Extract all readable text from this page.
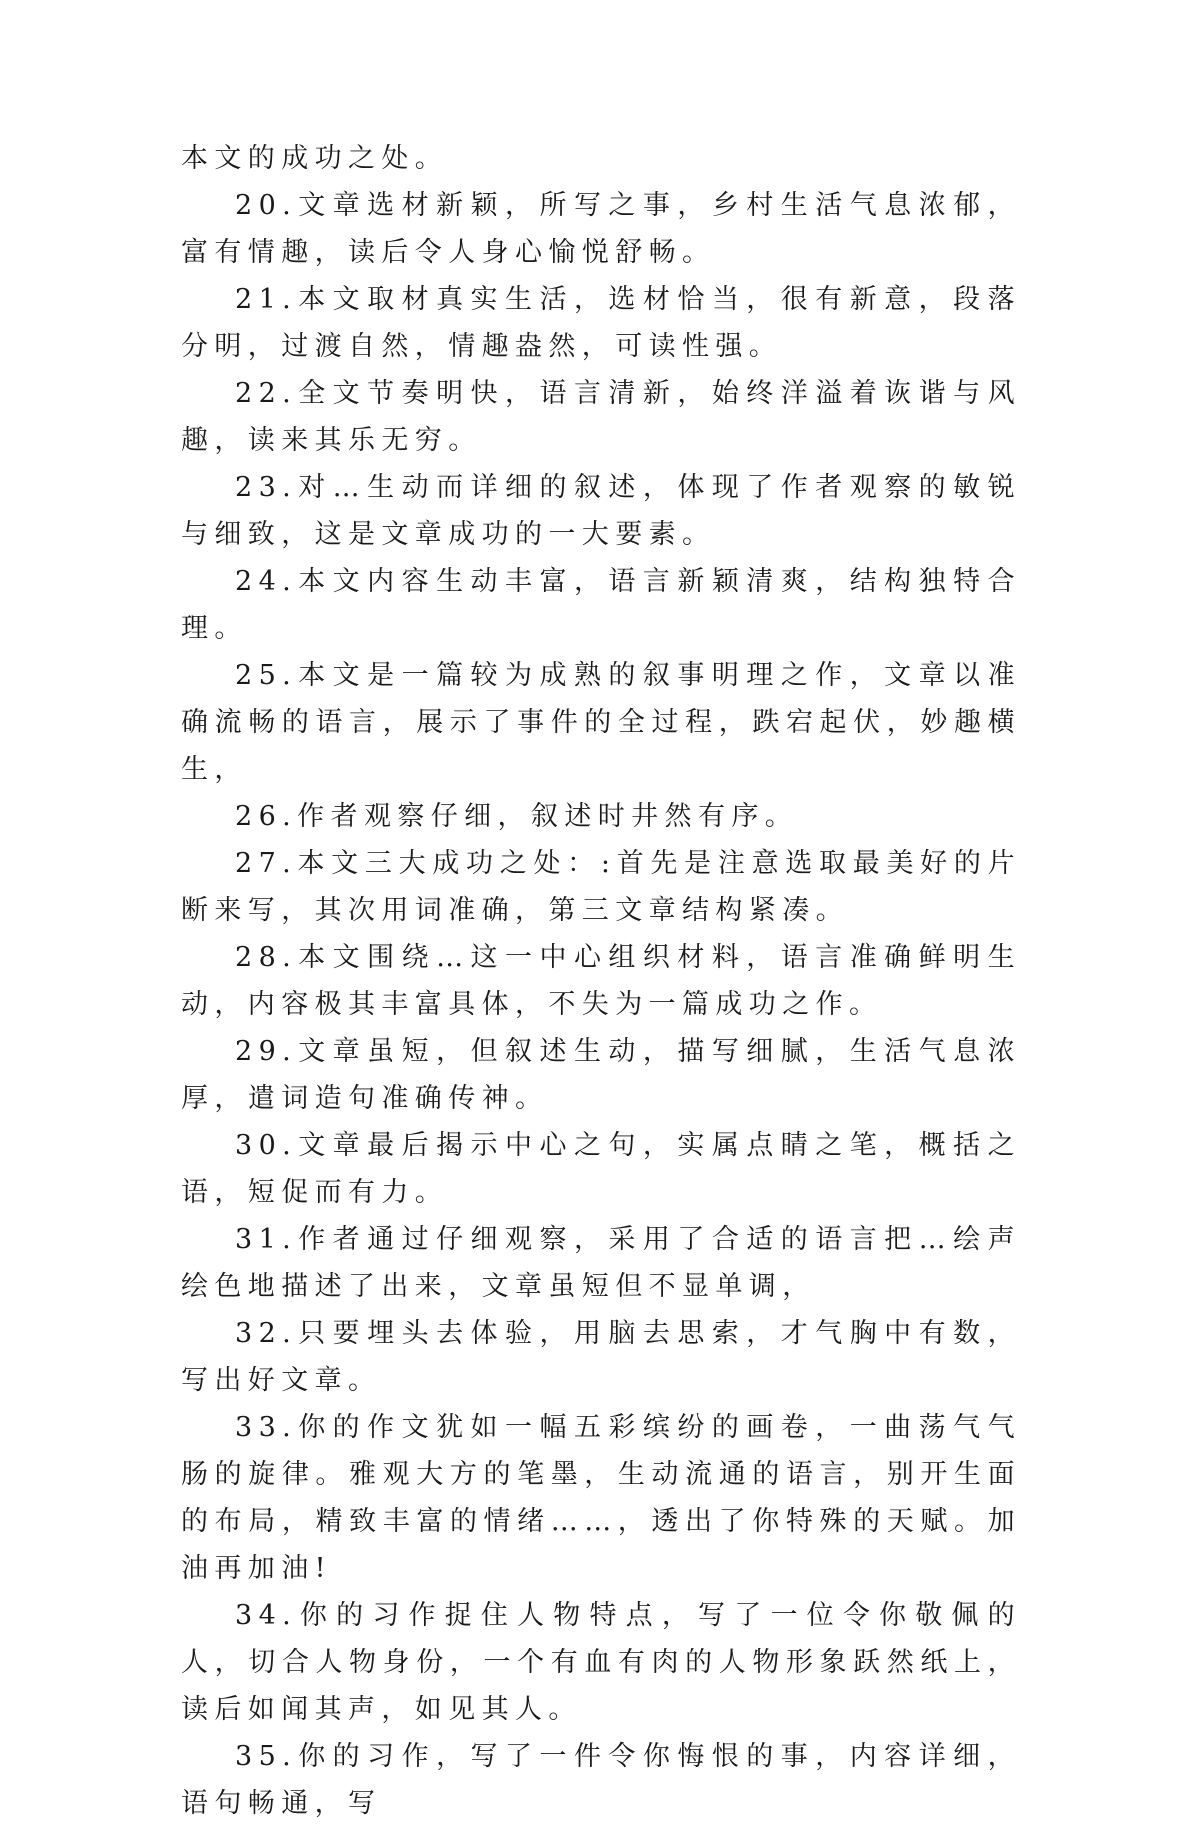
本文的成功之处。

20.文章选材新颖，所写之事，乡村生活气息浓郁，富有情趣，读后令人身心愉悦舒畅。

21.本文取材真实生活，选材恰当，很有新意，段落分明，过渡自然，情趣盎然，可读性强。

22.全文节奏明快，语言清新，始终洋溢着诙谐与风趣，读来其乐无穷。

23.对…生动而详细的叙述，体现了作者观察的敏锐与细致，这是文章成功的一大要素。

24.本文内容生动丰富，语言新颖清爽，结构独特合理。

25.本文是一篇较为成熟的叙事明理之作，文章以准确流畅的语言，展示了事件的全过程，跌宕起伏，妙趣横生，

26.作者观察仔细，叙述时井然有序。

27.本文三大成功之处：:首先是注意选取最美好的片断来写，其次用词准确，第三文章结构紧凑。

28.本文围绕…这一中心组织材料，语言准确鲜明生动，内容极其丰富具体，不失为一篇成功之作。

29.文章虽短，但叙述生动，描写细腻，生活气息浓厚，遣词造句准确传神。

30.文章最后揭示中心之句，实属点睛之笔，概括之语，短促而有力。

31.作者通过仔细观察，采用了合适的语言把…绘声绘色地描述了出来，文章虽短但不显单调，

32.只要埋头去体验，用脑去思索，才气胸中有数，写出好文章。

33.你的作文犹如一幅五彩缤纷的画卷，一曲荡气气肠的旋律。雅观大方的笔墨，生动流通的语言，别开生面的布局，精致丰富的情绪……，透出了你特殊的天赋。加油再加油!

34.你的习作捉住人物特点，写了一位令你敬佩的人，切合人物身份，一个有血有肉的人物形象跃然纸上，读后如闻其声，如见其人。

35.你的习作，写了一件令你悔恨的事，内容详细，语句畅通，写
